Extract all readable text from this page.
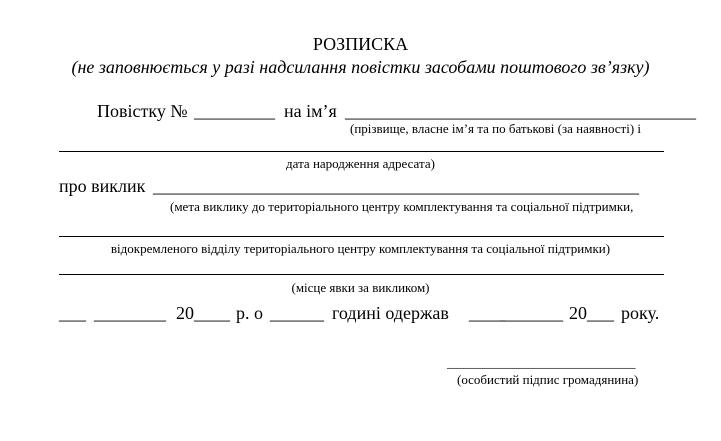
РОЗПИСКА
(не заповнюється у разі надсилання повістки засобами поштового зв’язку)
Повістку № _________ на ім’я _______________________________________
(прізвище, власне ім’я та по батькові (за наявності) і
дата народження адресата)
про виклик ______________________________________________________
(мета виклику до територіального центру комплектування та соціальної підтримки,
відокремленого відділу територіального центру комплектування та соціальної підтримки)
(місце явки за викликом)
___ ________ 20 ____ р. о ______ годині одержав ____
_______ 20 ___ року.
_____________________________
(особистий підпис громадянина)
